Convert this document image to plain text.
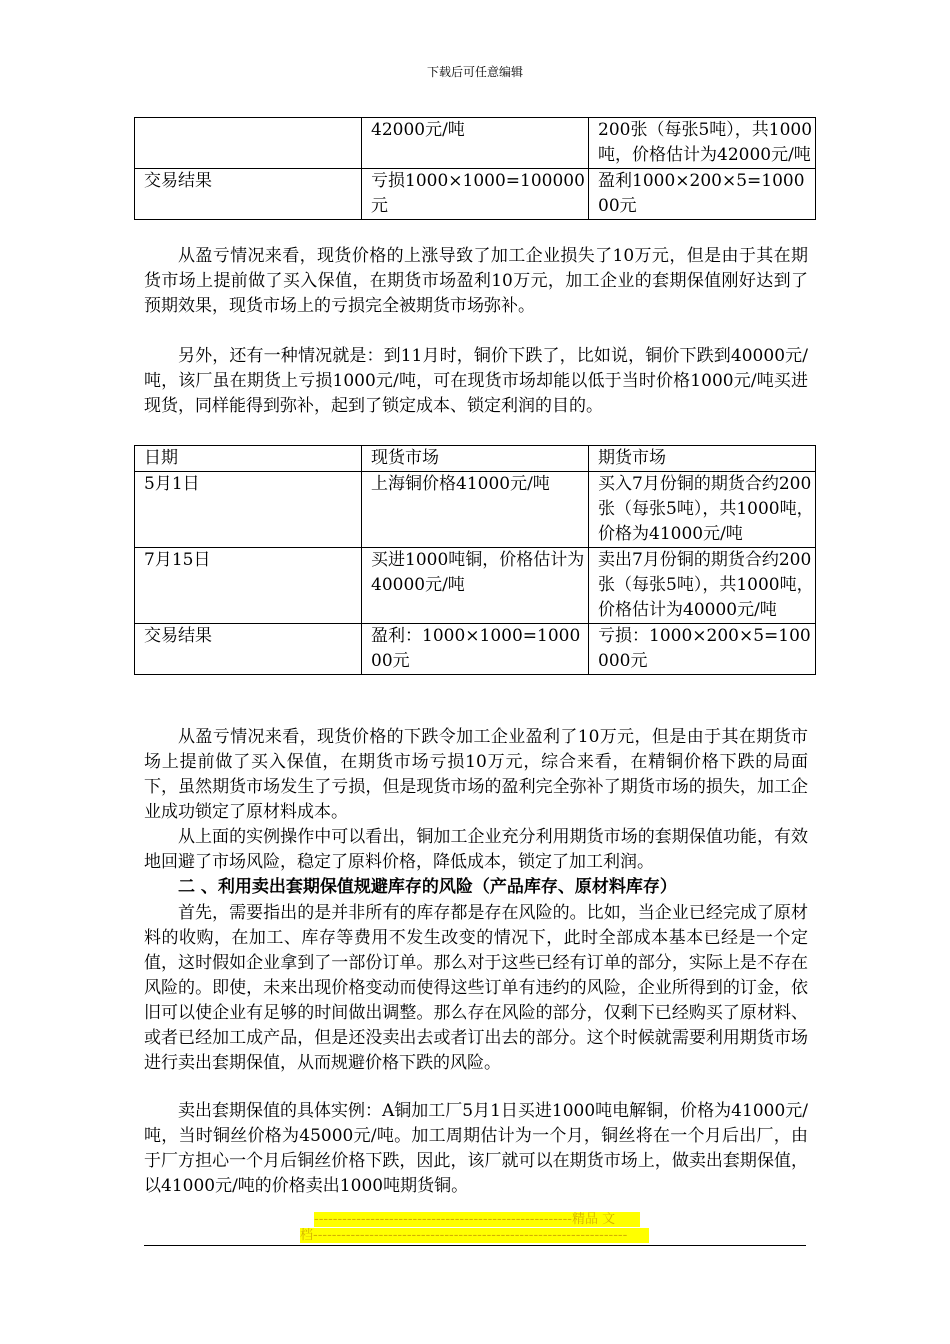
下载后可任意编辑
	42000元/吨	200张（每张5吨），共1000吨，价格估计为42000元/吨
交易结果	亏损1000×1000=100000元	盈利1000×200×5=100000元

从盈亏情况来看，现货价格的上涨导致了加工企业损失了10万元，但是由于其在期货市场上提前做了买入保值，在期货市场盈利10万元，加工企业的套期保值刚好达到了预期效果，现货市场上的亏损完全被期货市场弥补。

另外，还有一种情况就是：到11月时，铜价下跌了，比如说，铜价下跌到40000元/吨，该厂虽在期货上亏损1000元/吨，可在现货市场却能以低于当时价格1000元/吨买进现货，同样能得到弥补，起到了锁定成本、锁定利润的目的。

日期	现货市场	期货市场
5月1日	上海铜价格41000元/吨	买入7月份铜的期货合约200张（每张5吨），共1000吨，价格为41000元/吨
7月15日	买进1000吨铜，价格估计为40000元/吨	卖出7月份铜的期货合约200张（每张5吨），共1000吨，价格估计为40000元/吨
交易结果	盈利：1000×1000=100000元	亏损：1000×200×5=100000元

从盈亏情况来看，现货价格的下跌令加工企业盈利了10万元，但是由于其在期货市场上提前做了买入保值，在期货市场亏损10万元，综合来看，在精铜价格下跌的局面下，虽然期货市场发生了亏损，但是现货市场的盈利完全弥补了期货市场的损失，加工企业成功锁定了原材料成本。

从上面的实例操作中可以看出，铜加工企业充分利用期货市场的套期保值功能，有效地回避了市场风险，稳定了原料价格，降低成本，锁定了加工利润。

二 、利用卖出套期保值规避库存的风险（产品库存、原材料库存）

首先，需要指出的是并非所有的库存都是存在风险的。比如，当企业已经完成了原材料的收购，在加工、库存等费用不发生改变的情况下，此时全部成本基本已经是一个定值，这时假如企业拿到了一部份订单。那么对于这些已经有订单的部分，实际上是不存在风险的。即使，未来出现价格变动而使得这些订单有违约的风险，企业所得到的订金，依旧可以使企业有足够的时间做出调整。那么存在风险的部分，仅剩下已经购买了原材料、或者已经加工成产品，但是还没卖出去或者订出去的部分。这个时候就需要利用期货市场进行卖出套期保值，从而规避价格下跌的风险。

卖出套期保值的具体实例：A铜加工厂5月1日买进1000吨电解铜，价格为41000元/吨，当时铜丝价格为45000元/吨。加工周期估计为一个月，铜丝将在一个月后出厂，由于厂方担心一个月后铜丝价格下跌，因此，该厂就可以在期货市场上，做卖出套期保值，以41000元/吨的价格卖出1000吨期货铜。

-------------------------------------------------------精品 文
档-------------------------------------------------------------------
